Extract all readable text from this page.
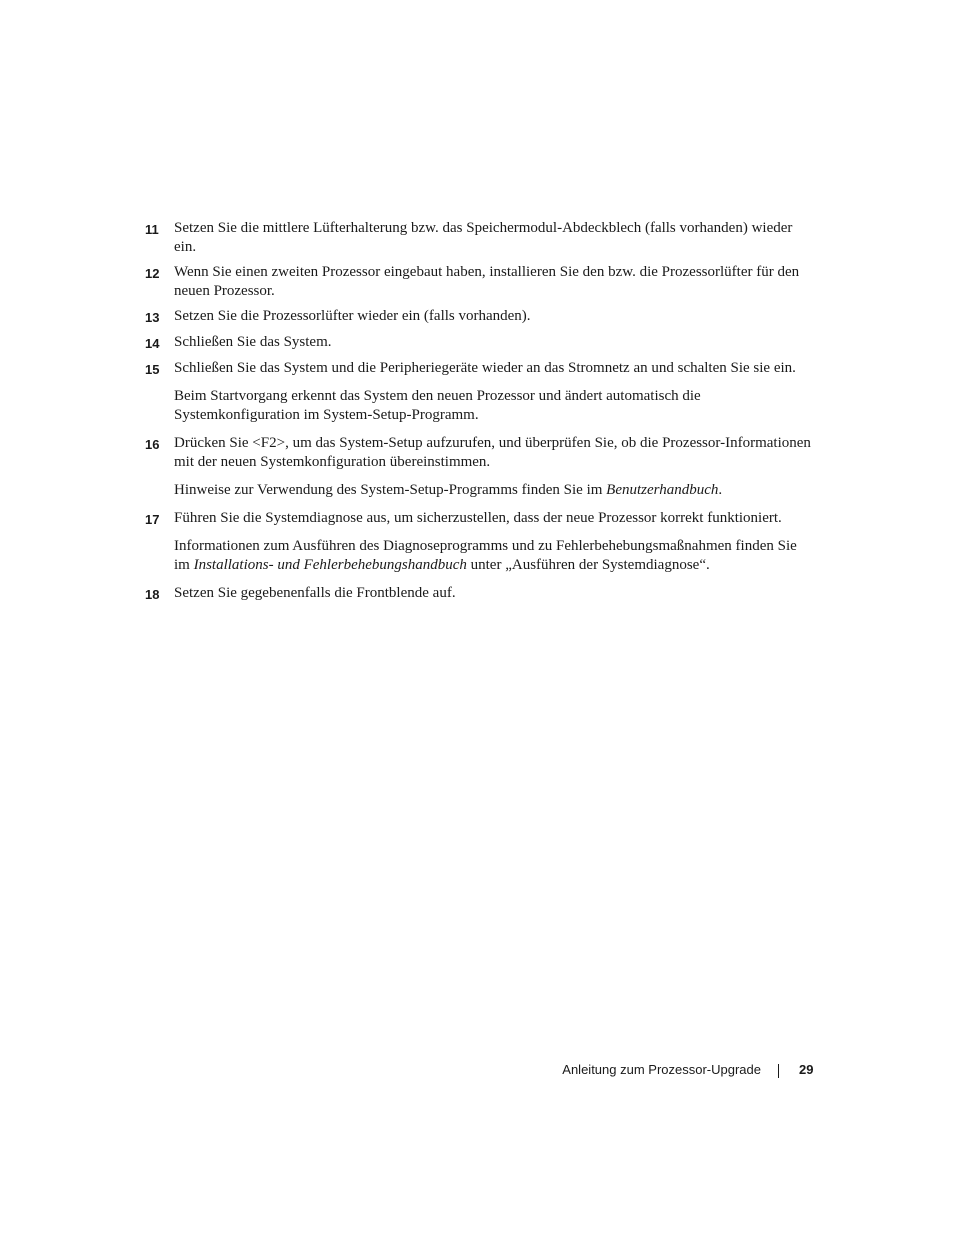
11	Setzen Sie die mittlere Lüfterhalterung bzw. das Speichermodul-Abdeckblech (falls vorhanden) wieder ein.

12 Wenn Sie einen zweiten Prozessor eingebaut haben, installieren Sie den bzw. die Prozessorlüfter für den neuen Prozessor.

13 Setzen Sie die Prozessorlüfter wieder ein (falls vorhanden).

14 Schließen Sie das System.

15 Schließen Sie das System und die Peripheriegeräte wieder an das Stromnetz an und schalten Sie sie ein.

Beim Startvorgang erkennt das System den neuen Prozessor und ändert automatisch die Systemkonfiguration im System-Setup-Programm.

16 Drücken Sie <F2>, um das System-Setup aufzurufen, und überprüfen Sie, ob die Prozessor-Informationen mit der neuen Systemkonfiguration übereinstimmen.

Hinweise zur Verwendung des System-Setup-Programms finden Sie im Benutzerhandbuch.

17 Führen Sie die Systemdiagnose aus, um sicherzustellen, dass der neue Prozessor korrekt funktioniert.

Informationen zum Ausführen des Diagnoseprogramms und zu Fehlerbehebungsmaßnahmen finden Sie im Installations- und Fehlerbehebungshandbuch unter „Ausführen der Systemdiagnose“.

18 Setzen Sie gegebenenfalls die Frontblende auf.

Anleitung zum Prozessor-Upgrade	29
